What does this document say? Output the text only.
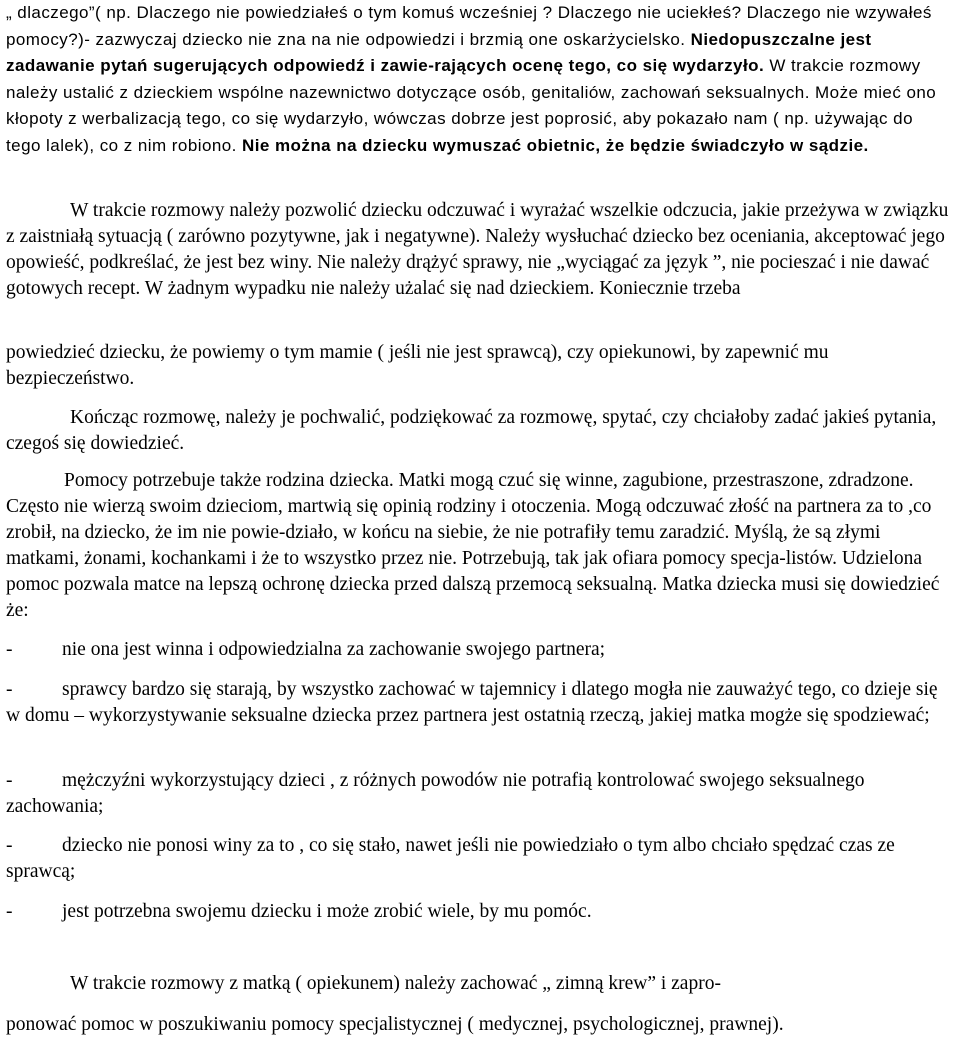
„ dlaczego”( np. Dlaczego nie powiedziałeś o tym komuś wcześniej ? Dlaczego nie uciekłeś? Dlaczego nie wzywałeś pomocy?)- zazwyczaj dziecko nie zna na nie odpowiedzi i brzmią one oskarżycielsko. Niedopuszczalne jest zadawanie pytań sugerujących odpowiedź i zawie-rających ocenę tego, co się wydarzyło. W trakcie rozmowy należy ustalić z dzieckiem wspólne nazewnictwo dotyczące osób, genitaliów, zachowań seksualnych. Może mieć ono kłopoty z werbalizacją tego, co się wydarzyło, wówczas dobrze jest poprosić, aby pokazało nam ( np. używając do tego lalek), co z nim robiono. Nie można na dziecku wymuszać obietnic, że będzie świadczyło w sądzie.

W trakcie rozmowy należy pozwolić dziecku odczuwać i wyrażać wszelkie odczucia, jakie przeżywa w związku z zaistniałą sytuacją ( zarówno pozytywne, jak i negatywne). Należy wysłuchać dziecko bez oceniania, akceptować jego opowieść, podkreślać, że jest bez winy. Nie należy drążyć sprawy, nie „wyciągać za język ”, nie pocieszać i nie dawać gotowych recept. W żadnym wypadku nie należy użalać się nad dzieckiem. Koniecznie trzeba

powiedzieć dziecku, że powiemy o tym mamie ( jeśli nie jest sprawcą), czy opiekunowi, by zapewnić mu bezpieczeństwo.

Kończąc rozmowę, należy je pochwalić, podziękować za rozmowę, spytać, czy chciałoby zadać jakieś pytania, czegoś się dowiedzieć.

Pomocy potrzebuje także rodzina dziecka. Matki mogą czuć się winne, zagubione, przestraszone, zdradzone. Często nie wierzą swoim dzieciom, martwią się opinią rodziny i otoczenia. Mogą odczuwać złość na partnera za to ,co zrobił, na dziecko, że im nie powie-działo, w końcu na siebie, że nie potrafiły temu zaradzić. Myślą, że są złymi matkami, żonami, kochankami i że to wszystko przez nie. Potrzebują, tak jak ofiara pomocy specja-listów. Udzielona pomoc pozwala matce na lepszą ochronę dziecka przed dalszą przemocą seksualną. Matka dziecka musi się dowiedzieć że:

-	nie ona jest winna i odpowiedzialna za zachowanie swojego partnera;
-	sprawcy bardzo się starają, by wszystko zachować w tajemnicy i dlatego mogła nie zauważyć tego, co dzieje się w domu – wykorzystywanie seksualne dziecka przez partnera jest ostatnią rzeczą, jakiej matka mogże się spodziewać;
-	mężczyźni wykorzystujący dzieci , z różnych powodów nie potrafią kontrolować swojego seksualnego zachowania;
-	dziecko nie ponosi winy za to , co się stało, nawet jeśli nie powiedziało o tym albo chciało spędzać czas ze sprawcą;
-	jest potrzebna swojemu dziecku i może zrobić wiele, by mu pomóc.

W trakcie rozmowy z matką ( opiekunem) należy zachować „ zimną krew” i zapro-

ponować pomoc w poszukiwaniu pomocy specjalistycznej ( medycznej, psychologicznej, prawnej).
